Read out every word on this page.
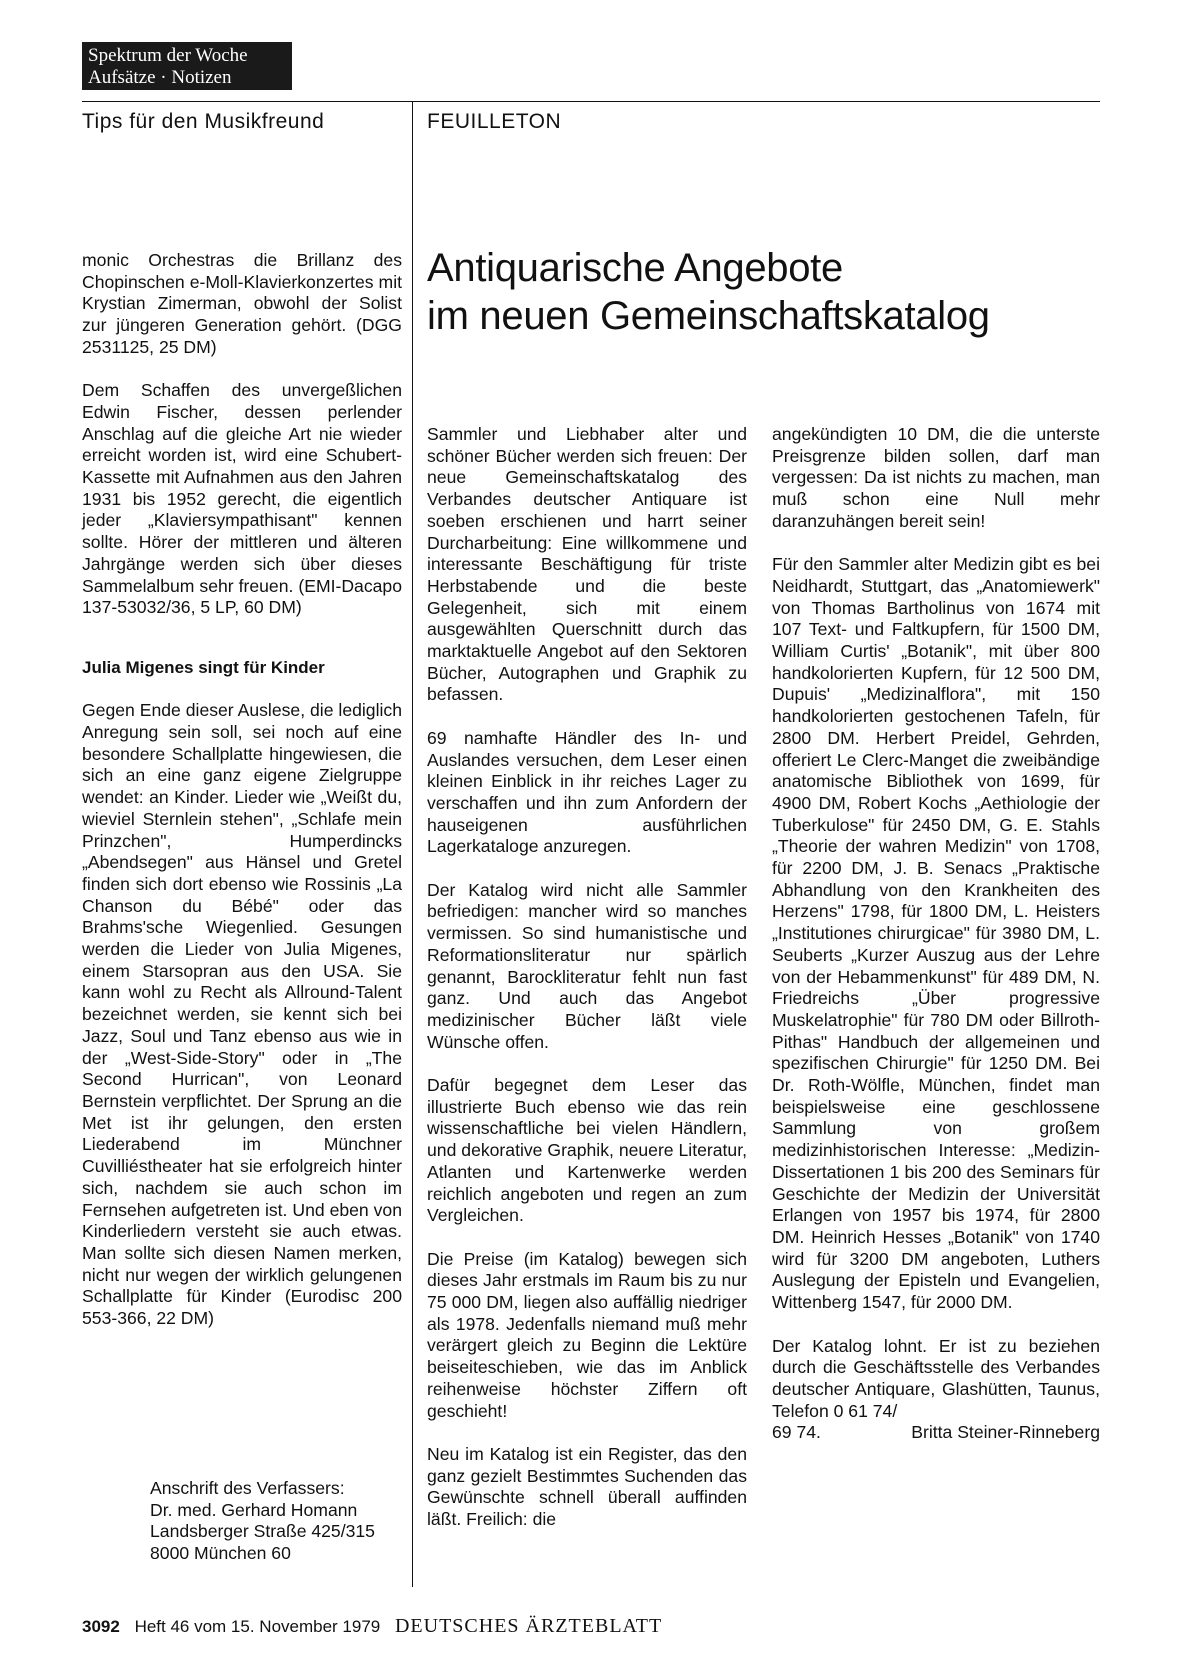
Spektrum der Woche
Aufsätze · Notizen
Tips für den Musikfreund	FEUILLETON

monic Orchestras die Brillanz des Chopinschen e-Moll-Klavierkonzertes mit Krystian Zimerman, obwohl der Solist zur jüngeren Generation gehört. (DGG 2531125, 25 DM)

Dem Schaffen des unvergeßlichen Edwin Fischer, dessen perlender Anschlag auf die gleiche Art nie wieder erreicht worden ist, wird eine Schubert-Kassette mit Aufnahmen aus den Jahren 1931 bis 1952 gerecht, die eigentlich jeder „Klaviersympathisant" kennen sollte. Hörer der mittleren und älteren Jahrgänge werden sich über dieses Sammelalbum sehr freuen. (EMI-Dacapo 137-53032/36, 5 LP, 60 DM)

Julia Migenes singt für Kinder

Gegen Ende dieser Auslese, die lediglich Anregung sein soll, sei noch auf eine besondere Schallplatte hingewiesen, die sich an eine ganz eigene Zielgruppe wendet: an Kinder. Lieder wie „Weißt du, wieviel Sternlein stehen", „Schlafe mein Prinzchen", Humperdincks „Abendsegen" aus Hänsel und Gretel finden sich dort ebenso wie Rossinis „La Chanson du Bébé" oder das Brahms'sche Wiegenlied. Gesungen werden die Lieder von Julia Migenes, einem Starsopran aus den USA. Sie kann wohl zu Recht als Allround-Talent bezeichnet werden, sie kennt sich bei Jazz, Soul und Tanz ebenso aus wie in der „West-Side-Story" oder in „The Second Hurrican", von Leonard Bernstein verpflichtet. Der Sprung an die Met ist ihr gelungen, den ersten Liederabend im Münchner Cuvilliéstheater hat sie erfolgreich hinter sich, nachdem sie auch schon im Fernsehen aufgetreten ist. Und eben von Kinderliedern versteht sie auch etwas. Man sollte sich diesen Namen merken, nicht nur wegen der wirklich gelungenen Schallplatte für Kinder (Eurodisc 200 553-366, 22 DM)

Anschrift des Verfassers:
Dr. med. Gerhard Homann
Landsberger Straße 425/315
8000 München 60
Antiquarische Angebote
im neuen Gemeinschaftskatalog

Sammler und Liebhaber alter und schöner Bücher werden sich freuen: Der neue Gemeinschaftskatalog des Verbandes deutscher Antiquare ist soeben erschienen und harrt seiner Durcharbeitung: Eine willkommene und interessante Beschäftigung für triste Herbstabende und die beste Gelegenheit, sich mit einem ausgewählten Querschnitt durch das marktaktuelle Angebot auf den Sektoren Bücher, Autographen und Graphik zu befassen.

69 namhafte Händler des In- und Auslandes versuchen, dem Leser einen kleinen Einblick in ihr reiches Lager zu verschaffen und ihn zum Anfordern der hauseigenen ausführlichen Lagerkataloge anzuregen.

Der Katalog wird nicht alle Sammler befriedigen: mancher wird so manches vermissen. So sind humanistische und Reformationsliteratur nur spärlich genannt, Barockliteratur fehlt nun fast ganz. Und auch das Angebot medizinischer Bücher läßt viele Wünsche offen.

Dafür begegnet dem Leser das illustrierte Buch ebenso wie das rein wissenschaftliche bei vielen Händlern, und dekorative Graphik, neuere Literatur, Atlanten und Kartenwerke werden reichlich angeboten und regen an zum Vergleichen.

Die Preise (im Katalog) bewegen sich dieses Jahr erstmals im Raum bis zu nur 75 000 DM, liegen also auffällig niedriger als 1978. Jedenfalls niemand muß mehr verärgert gleich zu Beginn die Lektüre beiseiteschieben, wie das im Anblick reihenweise höchster Ziffern oft geschieht!

Neu im Katalog ist ein Register, das den ganz gezielt Bestimmtes Suchenden das Gewünschte schnell überall auffinden läßt. Freilich: die

angekündigten 10 DM, die die unterste Preisgrenze bilden sollen, darf man vergessen: Da ist nichts zu machen, man muß schon eine Null mehr daranzuhängen bereit sein!

Für den Sammler alter Medizin gibt es bei Neidhardt, Stuttgart, das „Anatomiewerk" von Thomas Bartholinus von 1674 mit 107 Text- und Faltkupfern, für 1500 DM, William Curtis' „Botanik", mit über 800 handkolorierten Kupfern, für 12 500 DM, Dupuis' „Medizinalflora", mit 150 handkolorierten gestochenen Tafeln, für 2800 DM. Herbert Preidel, Gehrden, offeriert Le Clerc-Manget die zweibändige anatomische Bibliothek von 1699, für 4900 DM, Robert Kochs „Aethiologie der Tuberkulose" für 2450 DM, G. E. Stahls „Theorie der wahren Medizin" von 1708, für 2200 DM, J. B. Senacs „Praktische Abhandlung von den Krankheiten des Herzens" 1798, für 1800 DM, L. Heisters „Institutiones chirurgicae" für 3980 DM, L. Seuberts „Kurzer Auszug aus der Lehre von der Hebammenkunst" für 489 DM, N. Friedreichs „Über progressive Muskelatrophie" für 780 DM oder Billroth-Pithas" Handbuch der allgemeinen und spezifischen Chirurgie" für 1250 DM. Bei Dr. Roth-Wölfle, München, findet man beispielsweise eine geschlossene Sammlung von großem medizinhistorischen Interesse: „Medizin-Dissertationen 1 bis 200 des Seminars für Geschichte der Medizin der Universität Erlangen von 1957 bis 1974, für 2800 DM. Heinrich Hesses „Botanik" von 1740 wird für 3200 DM angeboten, Luthers Auslegung der Episteln und Evangelien, Wittenberg 1547, für 2000 DM.

Der Katalog lohnt. Er ist zu beziehen durch die Geschäftsstelle des Verbandes deutscher Antiquare, Glashütten, Taunus, Telefon 0 61 74/

69 74.	Britta Steiner-Rinneberg
3092 Heft 46 vom 15. November 1979 DEUTSCHES ÄRZTEBLATT
